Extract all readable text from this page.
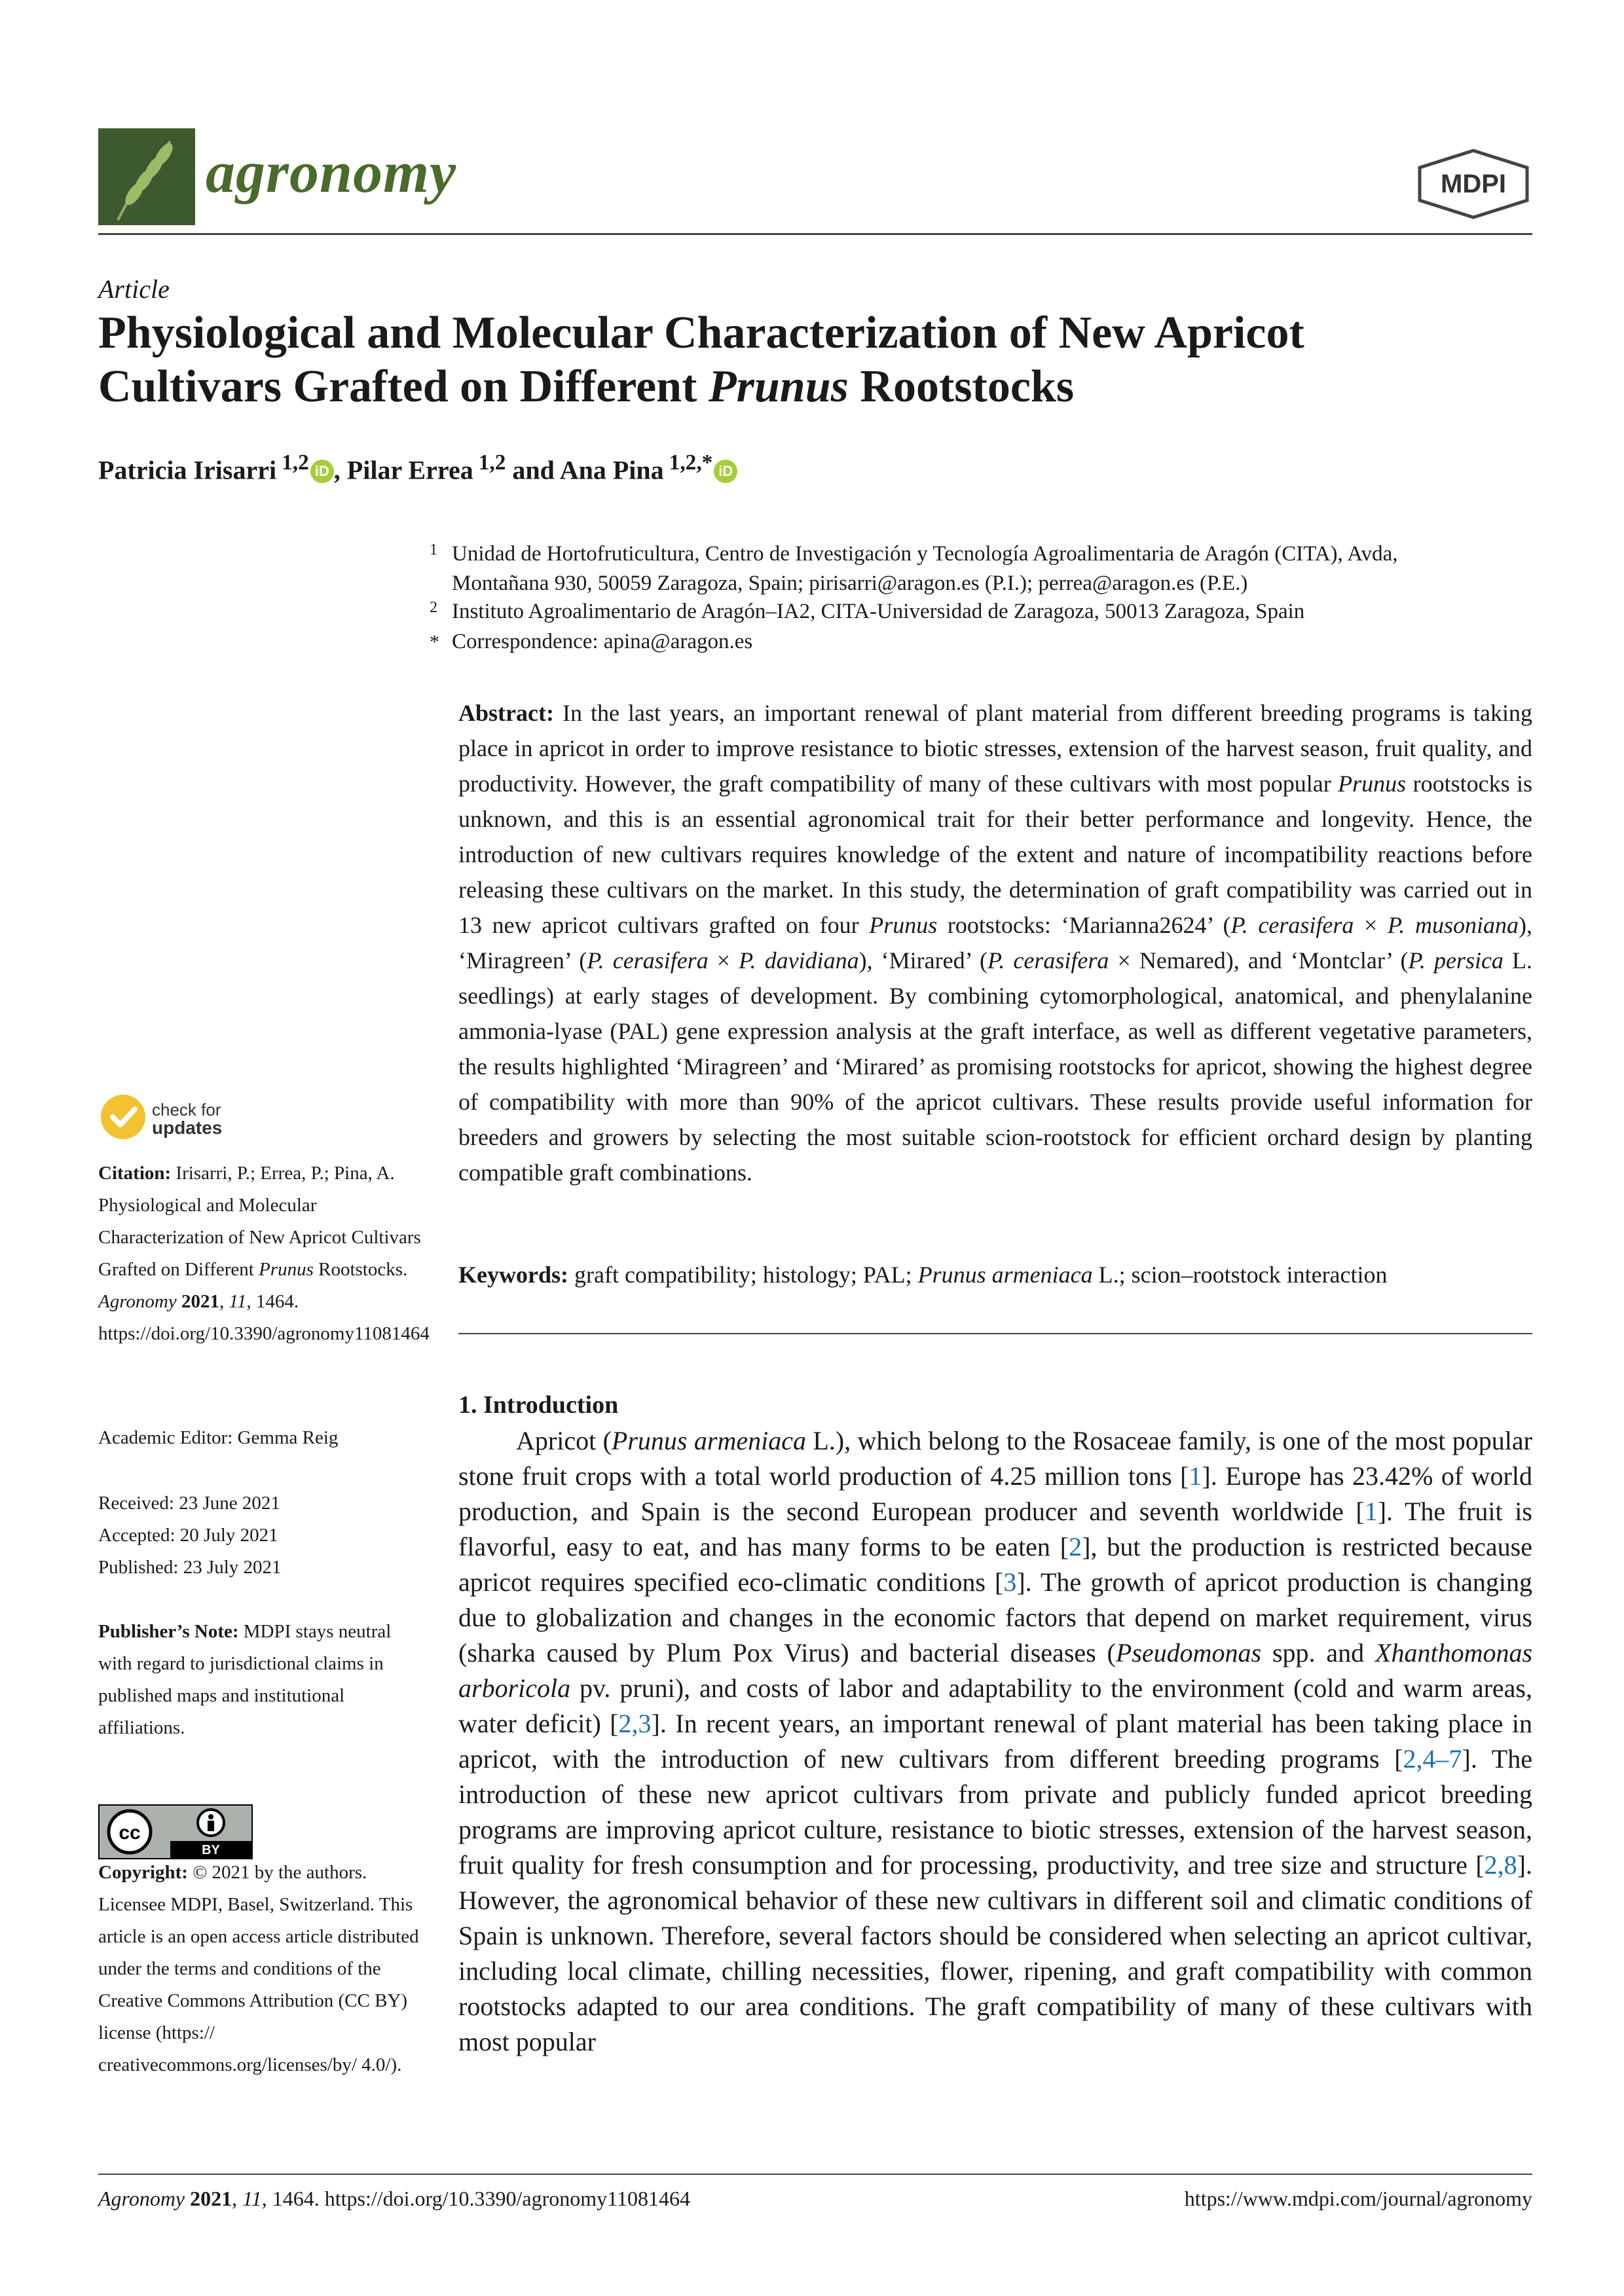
agronomy	MDPI
Article
Physiological and Molecular Characterization of New Apricot
Cultivars Grafted on Different Prunus Rootstocks
Patricia Irisarri  $^{1,2}$ iD , Pilar Errea  $^{1,2}$ and Ana Pina  $^{1,2,*}$ iD
1 Unidad de Hortofruticultura, Centro de Investigación y Tecnología Agroalimentaria de Aragón (CITA), Avda,
Montañana 930, 50059 Zaragoza, Spain; pirisarri@aragon.es (P.I.); perrea@aragon.es (P.E.)
2 Instituto Agroalimentario de Aragón–IA2, CITA-Universidad de Zaragoza, 50013 Zaragoza, Spain
* Correspondence: apina@aragon.es
Abstract: In the last years, an important renewal of plant material from different breeding programs is taking place in apricot in order to improve resistance to biotic stresses, extension of the harvest season, fruit quality, and productivity. However, the graft compatibility of many of these cultivars with most popular Prunus rootstocks is unknown, and this is an essential agronomical trait for their better performance and longevity. Hence, the introduction of new cultivars requires knowledge of the extent and nature of incompatibility reactions before releasing these cultivars on the market. In this study, the determination of graft compatibility was carried out in 13 new apricot cultivars grafted on four Prunus rootstocks: ‘Marianna2624’ (P. cerasifera × P. musoniana), ‘Miragreen’ (P. cerasifera × P. davidiana), ‘Mirared’ (P. cerasifera × Nemared), and ‘Montclar’ (P. persica L. seedlings) at early stages of development. By combining cytomorphological, anatomical, and phenylalanine ammonia-lyase (PAL) gene expression analysis at the graft interface, as well as different vegetative parameters, the results highlighted ‘Miragreen’ and ‘Mirared’ as promising rootstocks for apricot, showing the highest degree of compatibility with more than 90% of the apricot cultivars. These results provide useful information for breeders and growers by selecting the most suitable scion-rootstock for efficient orchard design by planting compatible graft combinations.
Keywords: graft compatibility; histology; PAL; Prunus armeniaca L.; scion–rootstock interaction
check for
updates
Citation: Irisarri, P.; Errea, P.; Pina, A. Physiological and Molecular Characterization of New Apricot Cultivars Grafted on Different Prunus Rootstocks. Agronomy 2021, 11, 1464. https://doi.org/10.3390/agronomy11081464
Academic Editor: Gemma Reig
Received: 23 June 2021
Accepted: 20 July 2021
Published: 23 July 2021
Publisher’s Note: MDPI stays neutral with regard to jurisdictional claims in published maps and institutional affiliations.
cc
BY
Copyright: © 2021 by the authors. Licensee MDPI, Basel, Switzerland. This article is an open access article distributed under the terms and conditions of the Creative Commons Attribution (CC BY) license (https:// creativecommons.org/licenses/by/ 4.0/).
1. Introduction
Apricot (Prunus armeniaca L.), which belong to the Rosaceae family, is one of the most popular stone fruit crops with a total world production of 4.25 million tons [1]. Europe has 23.42% of world production, and Spain is the second European producer and seventh worldwide [1]. The fruit is flavorful, easy to eat, and has many forms to be eaten [2], but the production is restricted because apricot requires specified eco-climatic conditions [3]. The growth of apricot production is changing due to globalization and changes in the economic factors that depend on market requirement, virus (sharka caused by Plum Pox Virus) and bacterial diseases (Pseudomonas spp. and Xhanthomonas arboricola pv. pruni), and costs of labor and adaptability to the environment (cold and warm areas, water deficit) [2,3]. In recent years, an important renewal of plant material has been taking place in apricot, with the introduction of new cultivars from different breeding programs [2,4–7]. The introduction of these new apricot cultivars from private and publicly funded apricot breeding programs are improving apricot culture, resistance to biotic stresses, extension of the harvest season, fruit quality for fresh consumption and for processing, productivity, and tree size and structure [2,8]. However, the agronomical behavior of these new cultivars in different soil and climatic conditions of Spain is unknown. Therefore, several factors should be considered when selecting an apricot cultivar, including local climate, chilling necessities, flower, ripening, and graft compatibility with common rootstocks adapted to our area conditions. The graft compatibility of many of these cultivars with most popular
Agronomy 2021, 11, 1464. https://doi.org/10.3390/agronomy11081464	https://www.mdpi.com/journal/agronomy
